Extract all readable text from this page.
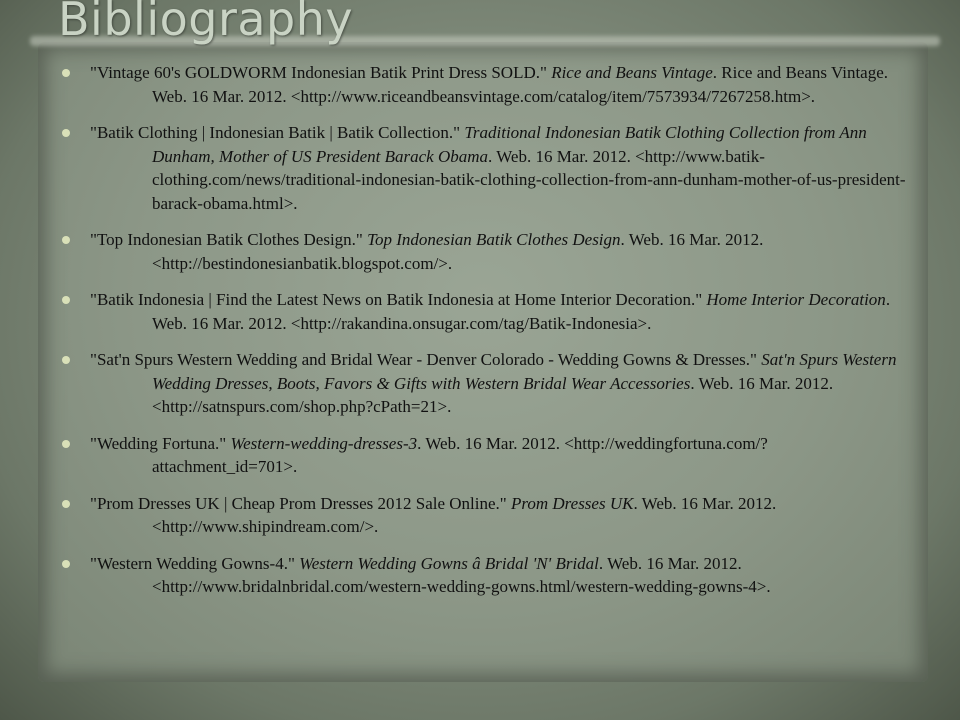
Bibliography
"Vintage 60's GOLDWORM Indonesian Batik Print Dress SOLD." Rice and Beans Vintage. Rice and Beans Vintage. Web. 16 Mar. 2012. <http://www.riceandbeansvintage.com/catalog/item/7573934/7267258.htm>.
"Batik Clothing | Indonesian Batik | Batik Collection." Traditional Indonesian Batik Clothing Collection from Ann Dunham, Mother of US President Barack Obama. Web. 16 Mar. 2012. <http://www.batik-clothing.com/news/traditional-indonesian-batik-clothing-collection-from-ann-dunham-mother-of-us-president-barack-obama.html>.
"Top Indonesian Batik Clothes Design." Top Indonesian Batik Clothes Design. Web. 16 Mar. 2012. <http://bestindonesianbatik.blogspot.com/>.
"Batik Indonesia | Find the Latest News on Batik Indonesia at Home Interior Decoration." Home Interior Decoration. Web. 16 Mar. 2012. <http://rakandina.onsugar.com/tag/Batik-Indonesia>.
"Sat'n Spurs Western Wedding and Bridal Wear - Denver Colorado - Wedding Gowns & Dresses." Sat'n Spurs Western Wedding Dresses, Boots, Favors & Gifts with Western Bridal Wear Accessories. Web. 16 Mar. 2012. <http://satnspurs.com/shop.php?cPath=21>.
"Wedding Fortuna." Western-wedding-dresses-3. Web. 16 Mar. 2012. <http://weddingfortuna.com/?attachment_id=701>.
"Prom Dresses UK | Cheap Prom Dresses 2012 Sale Online." Prom Dresses UK. Web. 16 Mar. 2012. <http://www.shipindream.com/>.
"Western Wedding Gowns-4." Western Wedding Gowns â Bridal 'N' Bridal. Web. 16 Mar. 2012. <http://www.bridalnbridal.com/western-wedding-gowns.html/western-wedding-gowns-4>.
